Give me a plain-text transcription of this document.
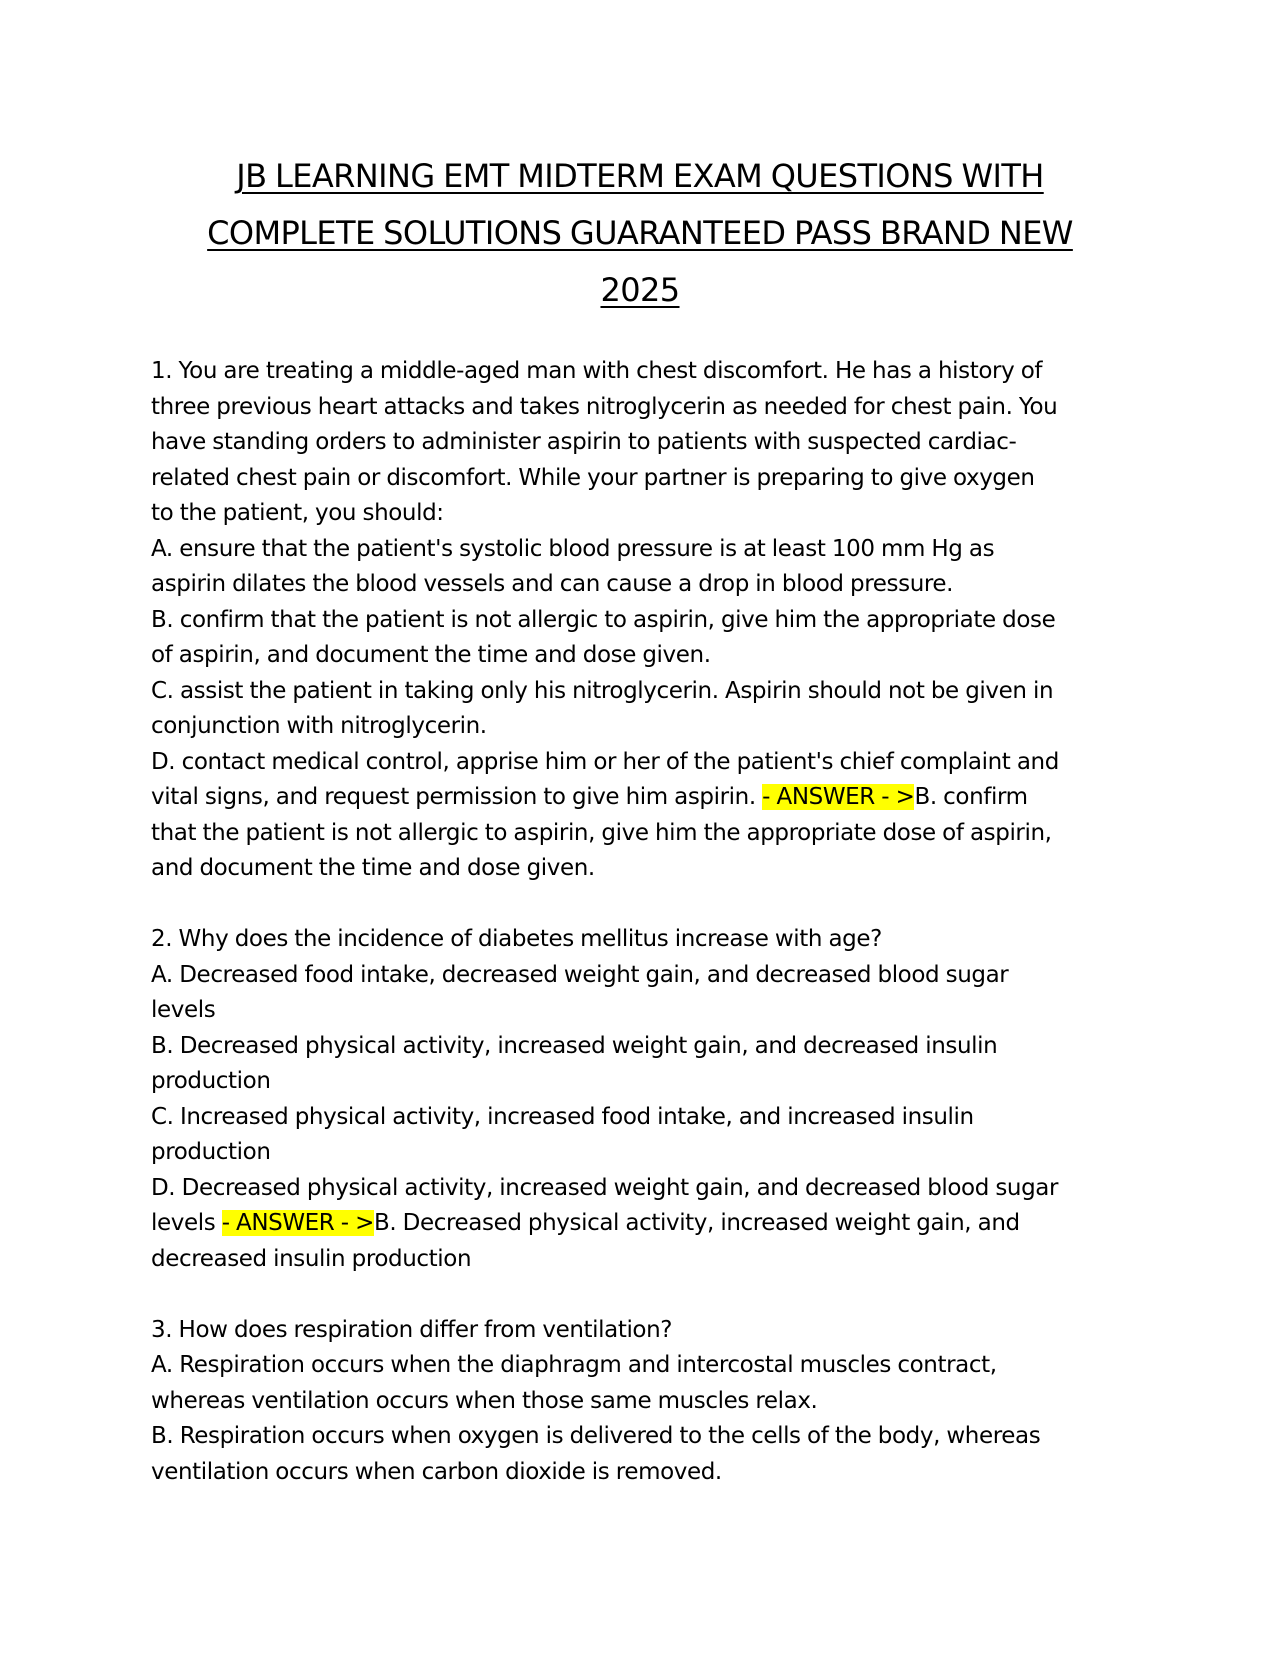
JB LEARNING EMT MIDTERM EXAM QUESTIONS WITH
COMPLETE SOLUTIONS GUARANTEED PASS BRAND NEW
2025
1. You are treating a middle-aged man with chest discomfort. He has a history of
three previous heart attacks and takes nitroglycerin as needed for chest pain. You
have standing orders to administer aspirin to patients with suspected cardiac-
related chest pain or discomfort. While your partner is preparing to give oxygen
to the patient, you should:
A. ensure that the patient's systolic blood pressure is at least 100 mm Hg as
aspirin dilates the blood vessels and can cause a drop in blood pressure.
B. confirm that the patient is not allergic to aspirin, give him the appropriate dose
of aspirin, and document the time and dose given.
C. assist the patient in taking only his nitroglycerin. Aspirin should not be given in
conjunction with nitroglycerin.
D. contact medical control, apprise him or her of the patient's chief complaint and
vital signs, and request permission to give him aspirin. - ANSWER - >B. confirm
that the patient is not allergic to aspirin, give him the appropriate dose of aspirin,
and document the time and dose given.
2. Why does the incidence of diabetes mellitus increase with age?
A. Decreased food intake, decreased weight gain, and decreased blood sugar
levels
B. Decreased physical activity, increased weight gain, and decreased insulin
production
C. Increased physical activity, increased food intake, and increased insulin
production
D. Decreased physical activity, increased weight gain, and decreased blood sugar
levels - ANSWER - >B. Decreased physical activity, increased weight gain, and
decreased insulin production
3. How does respiration differ from ventilation?
A. Respiration occurs when the diaphragm and intercostal muscles contract,
whereas ventilation occurs when those same muscles relax.
B. Respiration occurs when oxygen is delivered to the cells of the body, whereas
ventilation occurs when carbon dioxide is removed.
